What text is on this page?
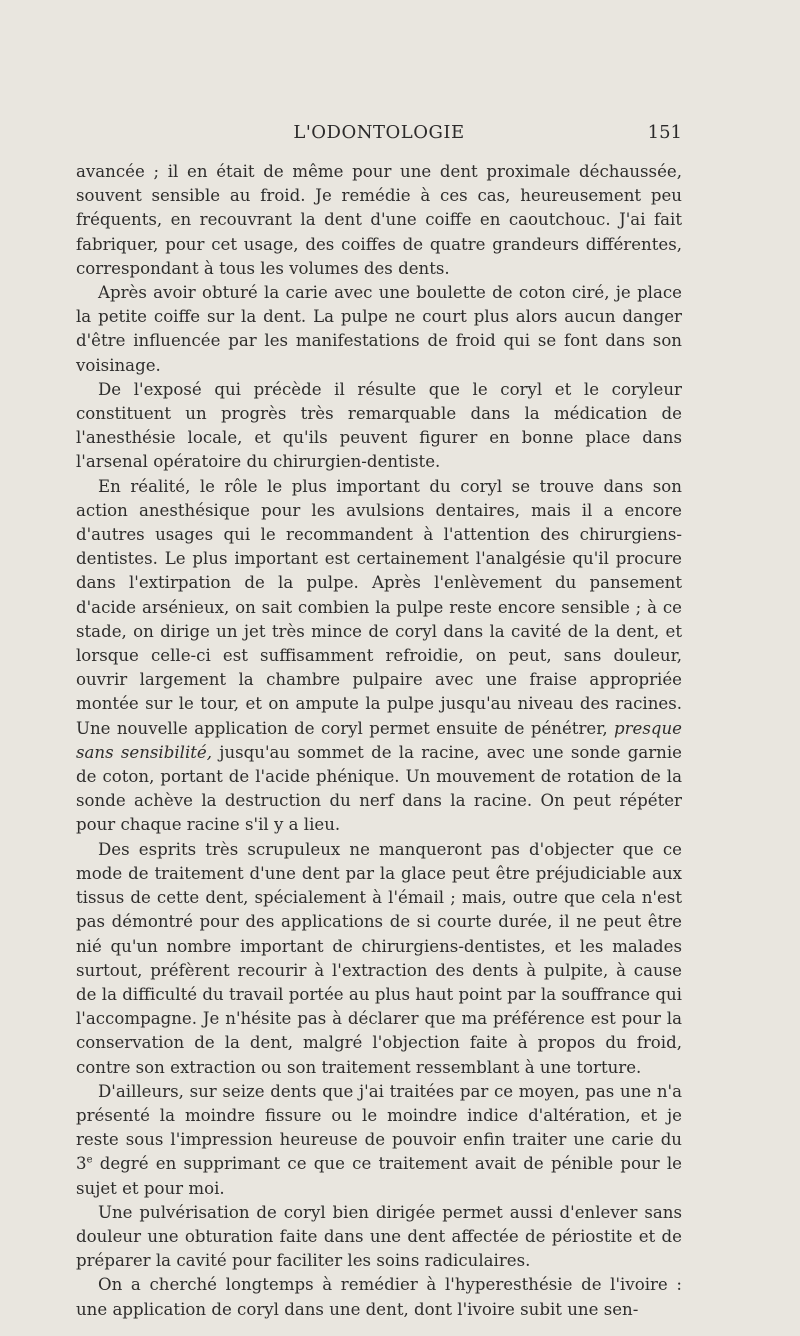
L'ODONTOLOGIE	151

avancée ; il en était de même pour une dent proximale déchaussée, souvent sensible au froid. Je remédie à ces cas, heureusement peu fréquents, en recouvrant la dent d'une coiffe en caoutchouc. J'ai fait fabriquer, pour cet usage, des coiffes de quatre grandeurs différentes, correspondant à tous les volumes des dents.

Après avoir obturé la carie avec une boulette de coton ciré, je place la petite coiffe sur la dent. La pulpe ne court plus alors aucun danger d'être influencée par les manifestations de froid qui se font dans son voisinage.

De l'exposé qui précède il résulte que le coryl et le coryleur constituent un progrès très remarquable dans la médication de l'anesthésie locale, et qu'ils peuvent figurer en bonne place dans l'arsenal opératoire du chirurgien-dentiste.

En réalité, le rôle le plus important du coryl se trouve dans son action anesthésique pour les avulsions dentaires, mais il a encore d'autres usages qui le recommandent à l'attention des chirurgiens-dentistes. Le plus important est certainement l'analgésie qu'il procure dans l'extirpation de la pulpe. Après l'enlèvement du pansement d'acide arsénieux, on sait combien la pulpe reste encore sensible ; à ce stade, on dirige un jet très mince de coryl dans la cavité de la dent, et lorsque celle-ci est suffisamment refroidie, on peut, sans douleur, ouvrir largement la chambre pulpaire avec une fraise appropriée montée sur le tour, et on ampute la pulpe jusqu'au niveau des racines. Une nouvelle application de coryl permet ensuite de pénétrer, presque sans sensibilité, jusqu'au sommet de la racine, avec une sonde garnie de coton, portant de l'acide phénique. Un mouvement de rotation de la sonde achève la destruction du nerf dans la racine. On peut répéter pour chaque racine s'il y a lieu.

Des esprits très scrupuleux ne manqueront pas d'objecter que ce mode de traitement d'une dent par la glace peut être préjudiciable aux tissus de cette dent, spécialement à l'émail ; mais, outre que cela n'est pas démontré pour des applications de si courte durée, il ne peut être nié qu'un nombre important de chirurgiens-dentistes, et les malades surtout, préfèrent recourir à l'extraction des dents à pulpite, à cause de la difficulté du travail portée au plus haut point par la souffrance qui l'accompagne. Je n'hésite pas à déclarer que ma préférence est pour la conservation de la dent, malgré l'objection faite à propos du froid, contre son extraction ou son traitement ressemblant à une torture.

D'ailleurs, sur seize dents que j'ai traitées par ce moyen, pas une n'a présenté la moindre fissure ou le moindre indice d'altération, et je reste sous l'impression heureuse de pouvoir enfin traiter une carie du 3e degré en supprimant ce que ce traitement avait de pénible pour le sujet et pour moi.

Une pulvérisation de coryl bien dirigée permet aussi d'enlever sans douleur une obturation faite dans une dent affectée de périostite et de préparer la cavité pour faciliter les soins radiculaires.

On a cherché longtemps à remédier à l'hyperesthésie de l'ivoire : une application de coryl dans une dent, dont l'ivoire subit une sen-
